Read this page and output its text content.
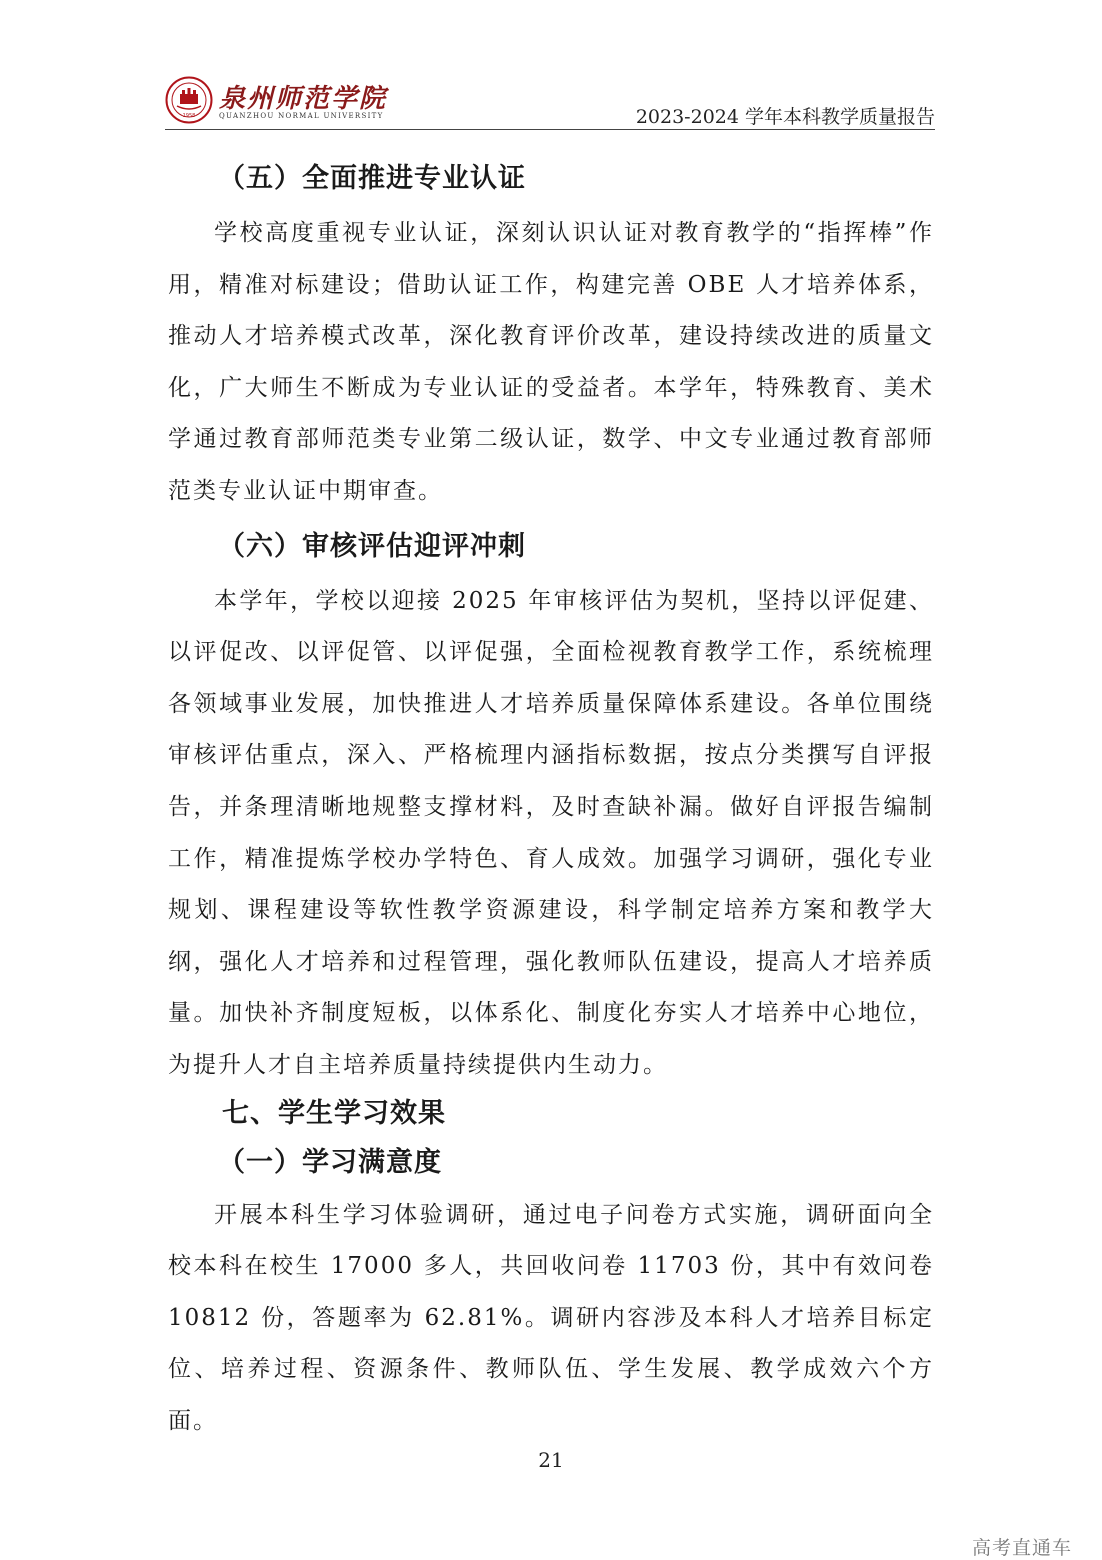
1958
泉州师范学院
QUANZHOU NORMAL UNIVERSITY	2023-2024 学年本科教学质量报告
（五）全面推进专业认证

学校高度重视专业认证，深刻认识认证对教育教学的“指挥棒”作用，精准对标建设；借助认证工作，构建完善 OBE 人才培养体系，推动人才培养模式改革，深化教育评价改革，建设持续改进的质量文化，广大师生不断成为专业认证的受益者。本学年，特殊教育、美术学通过教育部师范类专业第二级认证，数学、中文专业通过教育部师范类专业认证中期审查。

（六）审核评估迎评冲刺

本学年，学校以迎接 2025 年审核评估为契机，坚持以评促建、以评促改、以评促管、以评促强，全面检视教育教学工作，系统梳理各领域事业发展，加快推进人才培养质量保障体系建设。各单位围绕审核评估重点，深入、严格梳理内涵指标数据，按点分类撰写自评报告，并条理清晰地规整支撑材料，及时查缺补漏。做好自评报告编制工作，精准提炼学校办学特色、育人成效。加强学习调研，强化专业规划、课程建设等软性教学资源建设，科学制定培养方案和教学大纲，强化人才培养和过程管理，强化教师队伍建设，提高人才培养质量。加快补齐制度短板，以体系化、制度化夯实人才培养中心地位，为提升人才自主培养质量持续提供内生动力。

七、学生学习效果
（一）学习满意度

开展本科生学习体验调研，通过电子问卷方式实施，调研面向全校本科在校生 17000 多人，共回收问卷 11703 份，其中有效问卷 10812 份，答题率为 62.81%。调研内容涉及本科人才培养目标定位、培养过程、资源条件、教师队伍、学生发展、教学成效六个方面。

21
高考直通车
